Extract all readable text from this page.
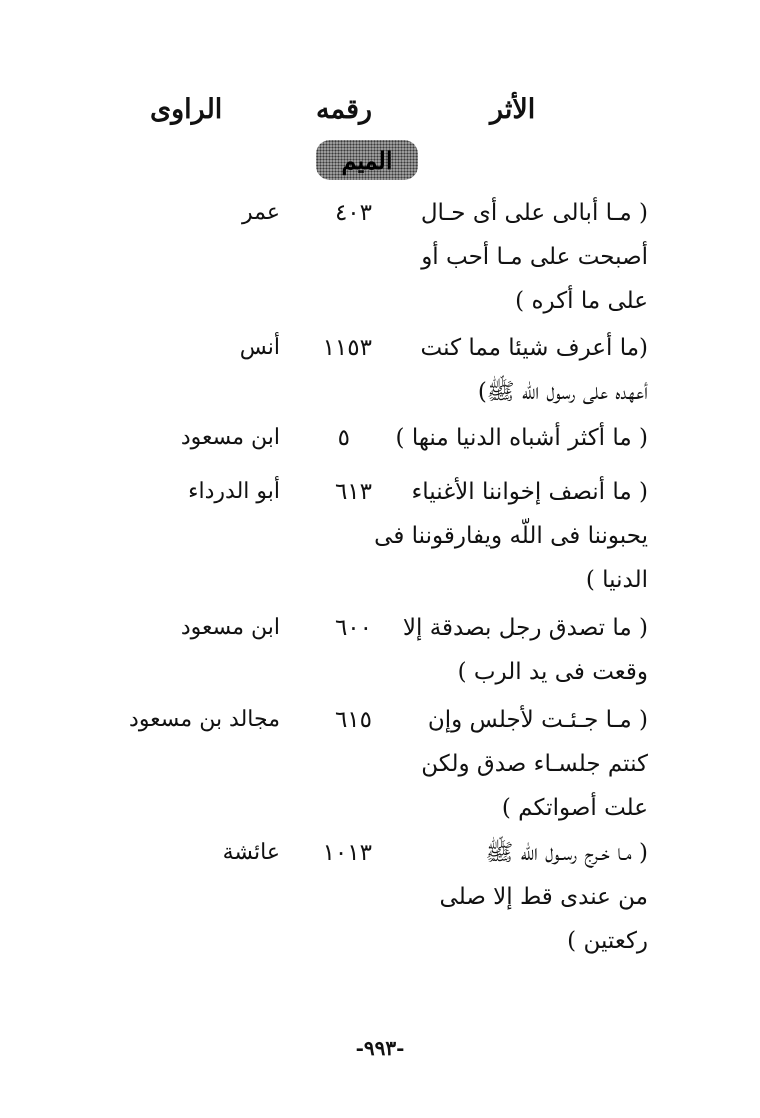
الأثر
رقمه
الراوى
الميم
( مـا أبالى على أى حـال
أصبحت على مـا أحب أو
على ما أكره )
٤٠٣
عمر
(ما أعرف شيئا مما كنت
أعهده على رسول اللّه ﷺ)
١١٥٣
أنس
( ما أكثر أشباه الدنيا منها )
٥
ابن مسعود
( ما أنصف إخواننا الأغنياء
يحبوننا فى اللّه ويفارقوننا فى
الدنيا )
٦١٣
أبو الدرداء
( ما تصدق رجل بصدقة إلا
وقعت فى يد الرب )
٦٠٠
ابن مسعود
( مـا جـئـت لأجلس وإن
كنتم جلسـاء صدق ولكن
علت أصواتكم )
٦١٥
مجالد بن مسعود
( مـا خـرج رسـول اللّه ﷺ
من عندى قط إلا صلى
ركعتين )
١٠١٣
عائشة
-٩٩٣-
